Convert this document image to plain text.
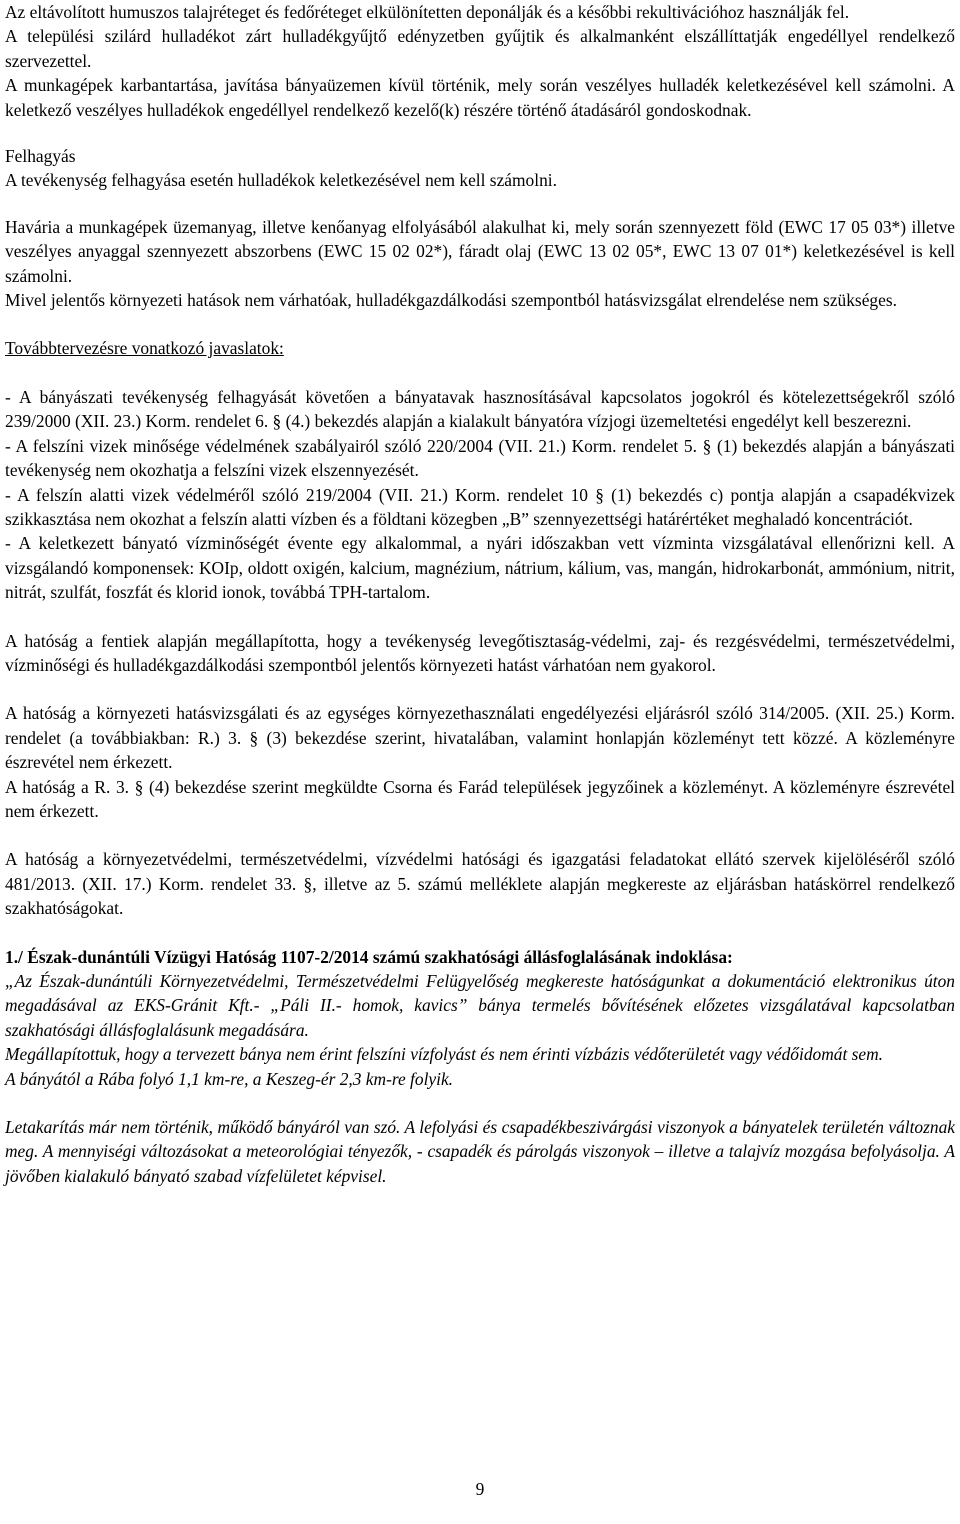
Az eltávolított humuszos talajréteget és fedőréteget elkülönítetten deponálják és a későbbi rekultivációhoz használják fel.

A települési szilárd hulladékot zárt hulladékgyűjtő edényzetben gyűjtik és alkalmanként elszállíttatják engedéllyel rendelkező szervezettel.

A munkagépek karbantartása, javítása bányaüzemen kívül történik, mely során veszélyes hulladék keletkezésével kell számolni. A keletkező veszélyes hulladékok engedéllyel rendelkező kezelő(k) részére történő átadásáról gondoskodnak.

Felhagyás

A tevékenység felhagyása esetén hulladékok keletkezésével nem kell számolni.

Havária a munkagépek üzemanyag, illetve kenőanyag elfolyásából alakulhat ki, mely során szennyezett föld (EWC 17 05 03*) illetve veszélyes anyaggal szennyezett abszorbens (EWC 15 02 02*), fáradt olaj (EWC 13 02 05*, EWC 13 07 01*) keletkezésével is kell számolni.

Mivel jelentős környezeti hatások nem várhatóak, hulladékgazdálkodási szempontból hatásvizsgálat elrendelése nem szükséges.

Továbbtervezésre vonatkozó javaslatok:

- A bányászati tevékenység felhagyását követően a bányatavak hasznosításával kapcsolatos jogokról és kötelezettségekről szóló 239/2000 (XII. 23.) Korm. rendelet 6. § (4.) bekezdés alapján a kialakult bányatóra vízjogi üzemeltetési engedélyt kell beszerezni.

- A felszíni vizek minősége védelmének szabályairól szóló 220/2004 (VII. 21.) Korm. rendelet 5. § (1) bekezdés alapján a bányászati tevékenység nem okozhatja a felszíni vizek elszennyezését.

- A felszín alatti vizek védelméről szóló 219/2004 (VII. 21.) Korm. rendelet 10 § (1) bekezdés c) pontja alapján a csapadékvizek szikkasztása nem okozhat a felszín alatti vízben és a földtani közegben „B” szennyezettségi határértéket meghaladó koncentrációt.

- A keletkezett bányató vízminőségét évente egy alkalommal, a nyári időszakban vett vízminta vizsgálatával ellenőrizni kell. A vizsgálandó komponensek: KOIp, oldott oxigén, kalcium, magnézium, nátrium, kálium, vas, mangán, hidrokarbonát, ammónium, nitrit, nitrát, szulfát, foszfát és klorid ionok, továbbá TPH-tartalom.

A hatóság a fentiek alapján megállapította, hogy a tevékenység levegőtisztaság-védelmi, zaj- és rezgésvédelmi, természetvédelmi, vízminőségi és hulladékgazdálkodási szempontból jelentős környezeti hatást várhatóan nem gyakorol.

A hatóság a környezeti hatásvizsgálati és az egységes környezethasználati engedélyezési eljárásról szóló 314/2005. (XII. 25.) Korm. rendelet (a továbbiakban: R.) 3. § (3) bekezdése szerint, hivatalában, valamint honlapján közleményt tett közzé. A közleményre észrevétel nem érkezett.

A hatóság a R. 3. § (4) bekezdése szerint megküldte Csorna és Farád települések jegyzőinek a közleményt. A közleményre észrevétel nem érkezett.

A hatóság a környezetvédelmi, természetvédelmi, vízvédelmi hatósági és igazgatási feladatokat ellátó szervek kijelöléséről szóló 481/2013. (XII. 17.) Korm. rendelet 33. §, illetve az 5. számú melléklete alapján megkereste az eljárásban hatáskörrel rendelkező szakhatóságokat.

1./ Észak-dunántúli Vízügyi Hatóság 1107-2/2014 számú szakhatósági állásfoglalásának indoklása:

„Az Észak-dunántúli Környezetvédelmi, Természetvédelmi Felügyelőség megkereste hatóságunkat a dokumentáció elektronikus úton megadásával az EKS-Gránit Kft.- „Páli II.- homok, kavics” bánya termelés bővítésének előzetes vizsgálatával kapcsolatban szakhatósági állásfoglalásunk megadására.

Megállapítottuk, hogy a tervezett bánya nem érint felszíni vízfolyást és nem érinti vízbázis védőterületét vagy védőidomát sem.

A bányától a Rába folyó 1,1 km-re, a Keszeg-ér 2,3 km-re folyik.

Letakarítás már nem történik, működő bányáról van szó. A lefolyási és csapadékbeszivárgási viszonyok a bányatelek területén változnak meg. A mennyiségi változásokat a meteorológiai tényezők, - csapadék és párolgás viszonyok – illetve a talajvíz mozgása befolyásolja. A jövőben kialakuló bányató szabad vízfelületet képvisel.

9
